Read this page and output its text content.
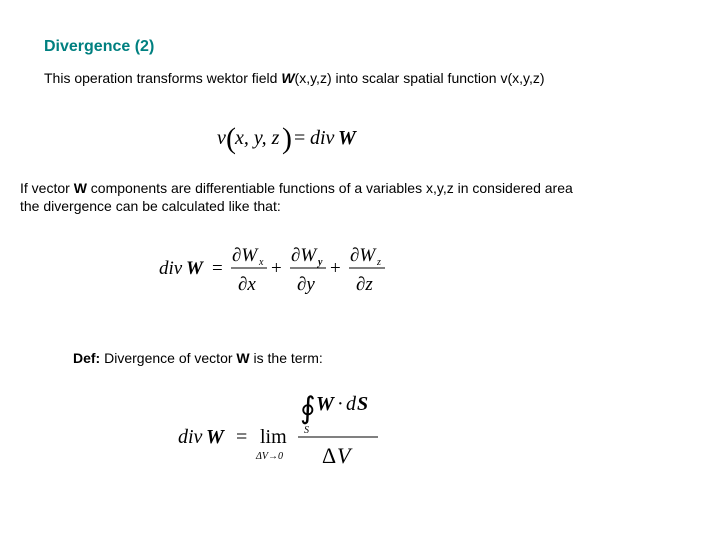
Divergence (2)
This operation transforms wektor field W(x,y,z) into scalar spatial function v(x,y,z)
v ( x, y, z ) = div W
If vector W components are differentiable functions of a variables x,y,z in considered area
the divergence can be calculated like that:
div W =
∂W x
∂x
+
∂W y
∂y
+
∂W z
∂z
Def: Divergence of vector W is the term:
div W = lim
ΔV→0
∮
S
W · d S
Δ V
